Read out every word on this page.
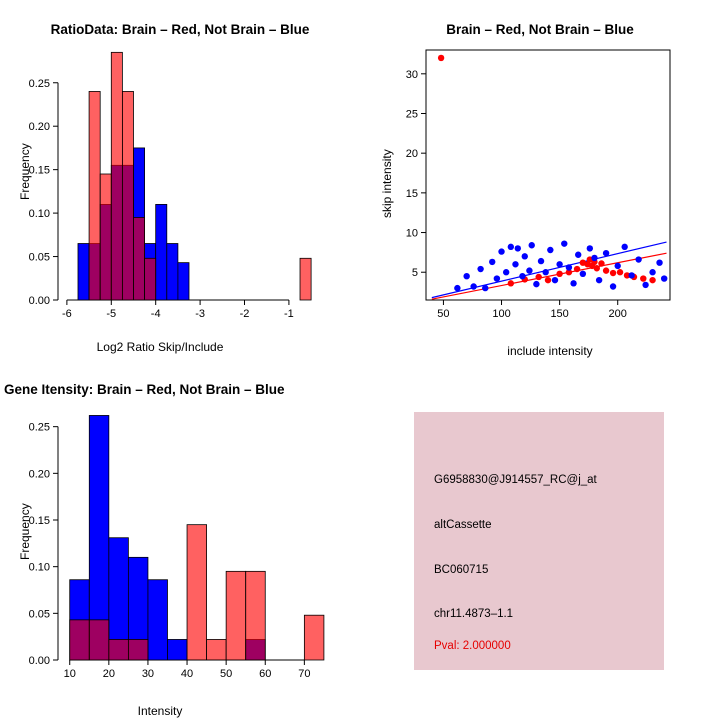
RatioData: Brain – Red, Not Brain – Blue
-6	-5	-4	-3	-2	-1
0.00
0.05
0.10
0.15
0.20
0.25
Log2 Ratio Skip/Include
Frequency
Brain – Red, Not Brain – Blue
50	100	150	200
5
10
15
20
25
30
include intensity
skip intensity
Gene Itensity: Brain – Red, Not Brain – Blue
10 20 30 40 50 60 70
0.00
0.05
0.10
0.15
0.20
0.25
Intensity
Frequency
G6958830@J914557_RC@j_at
altCassette
BC060715
chr11.4873–1.1
Pval: 2.000000
